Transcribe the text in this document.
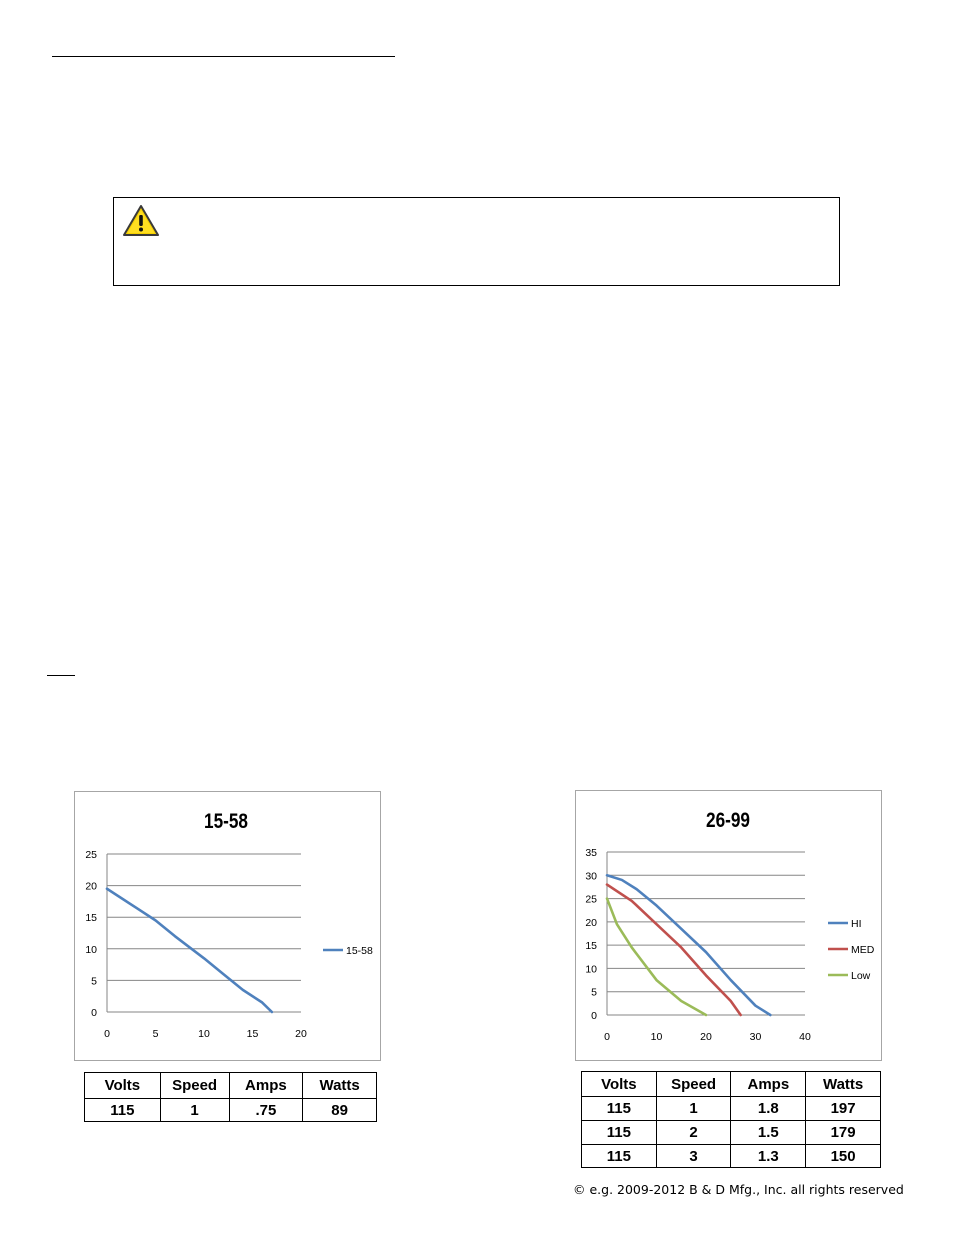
15-58
0
5
10
15
20
25
0	5	10	15	20
15-58
26-99
0
5
10
15
20
25
30
35
0	10	20	30	40
HI
MED
Low
Volts	Speed	Amps	Watts
115	1	.75	89
Volts	Speed	Amps	Watts
115	1	1.8	197
115	2	1.5	179
115	3	1.3	150
© e.g. 2009-2012 B & D Mfg., Inc. all rights reserved
